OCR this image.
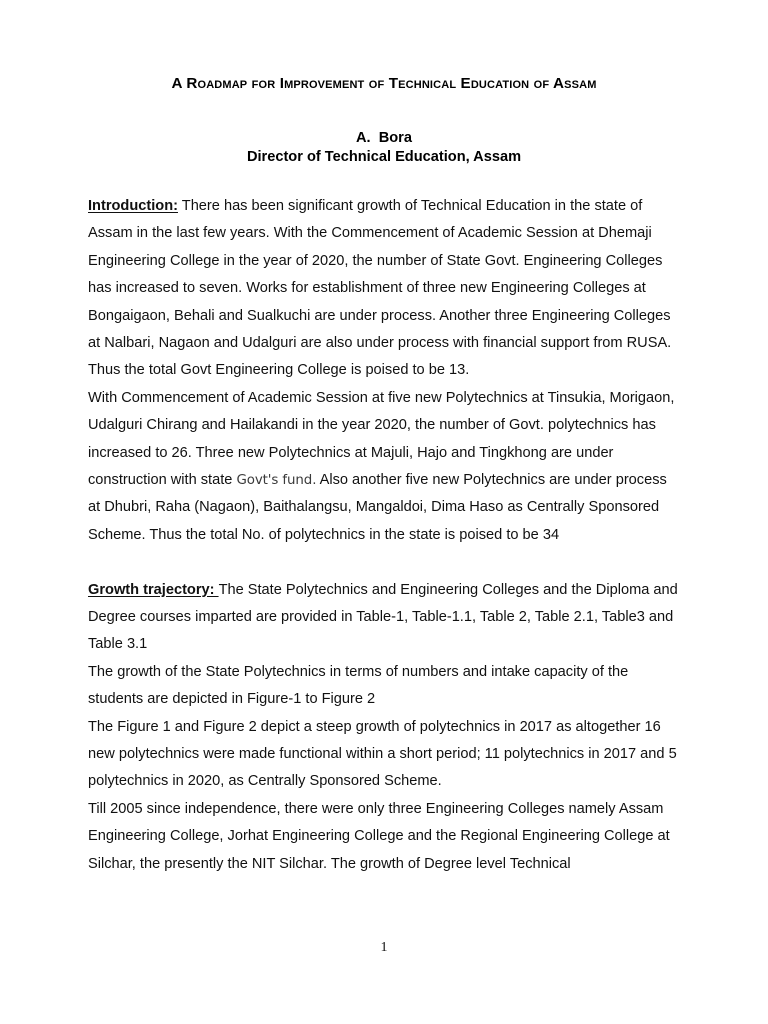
A Roadmap for Improvement of Technical Education of Assam
A.  Bora
Director of Technical Education, Assam

Introduction: There has been significant growth of Technical Education in the state of Assam in the last few years. With the Commencement of Academic Session at Dhemaji Engineering College in the year of 2020, the number of State Govt. Engineering Colleges has increased to seven. Works for establishment of three new Engineering Colleges at Bongaigaon, Behali and Sualkuchi are under process. Another three Engineering Colleges at Nalbari, Nagaon and Udalguri are also under process with financial support from RUSA. Thus the total Govt Engineering College is poised to be 13.

With Commencement of Academic Session at five new Polytechnics at Tinsukia, Morigaon, Udalguri Chirang and Hailakandi in the year 2020, the number of Govt. polytechnics has increased to 26. Three new Polytechnics at Majuli, Hajo and Tingkhong are under construction with state Govt's fund. Also another five new Polytechnics are under process at Dhubri, Raha (Nagaon), Baithalangsu, Mangaldoi, Dima Haso as Centrally Sponsored Scheme. Thus the total No. of polytechnics in the state is poised to be 34

Growth trajectory: The State Polytechnics and Engineering Colleges and the Diploma and Degree courses imparted are provided in Table-1, Table-1.1, Table 2, Table 2.1, Table3 and Table 3.1

The growth of the State Polytechnics in terms of numbers and intake capacity of the students are depicted in Figure-1 to Figure 2

The Figure 1 and Figure 2 depict a steep growth of polytechnics in 2017 as altogether 16 new polytechnics were made functional within a short period; 11 polytechnics in 2017 and 5 polytechnics in 2020, as Centrally Sponsored Scheme.

Till 2005 since independence, there were only three Engineering Colleges namely Assam Engineering College, Jorhat Engineering College and the Regional Engineering College at Silchar, the presently the NIT Silchar. The growth of Degree level Technical

1
